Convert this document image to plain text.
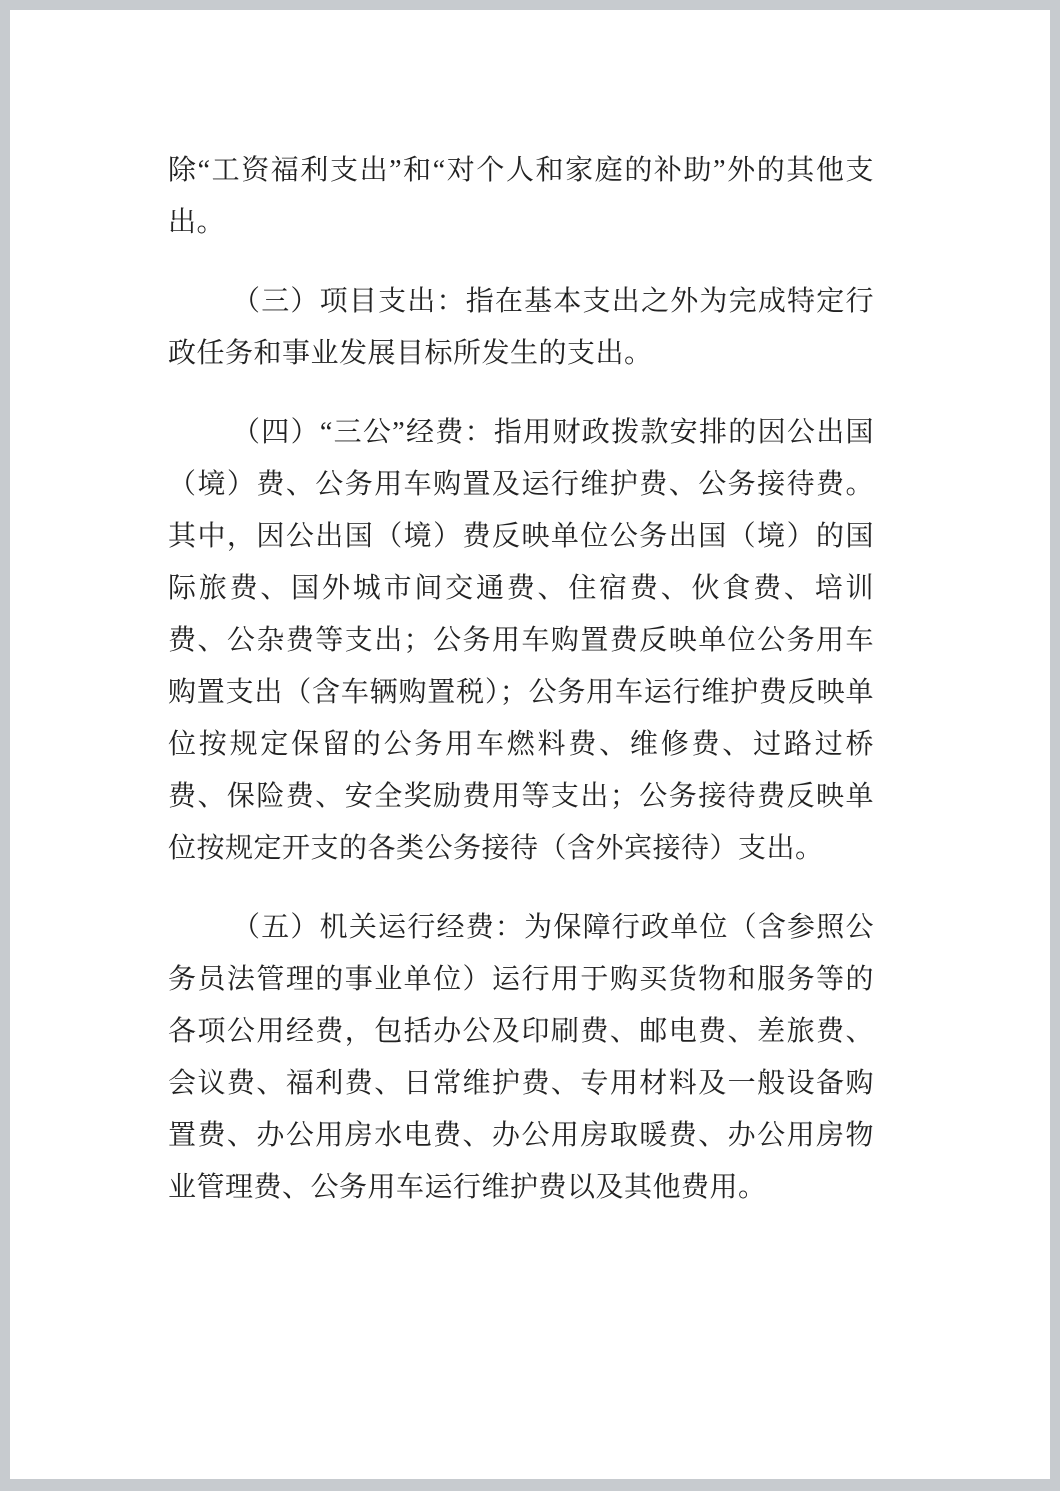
除“工资福利支出”和“对个人和家庭的补助”外的其他支出。

（三）项目支出：指在基本支出之外为完成特定行政任务和事业发展目标所发生的支出。

（四）“三公”经费：指用财政拨款安排的因公出国（境）费、公务用车购置及运行维护费、公务接待费。其中，因公出国（境）费反映单位公务出国（境）的国际旅费、国外城市间交通费、住宿费、伙食费、培训费、公杂费等支出；公务用车购置费反映单位公务用车购置支出（含车辆购置税）；公务用车运行维护费反映单位按规定保留的公务用车燃料费、维修费、过路过桥费、保险费、安全奖励费用等支出；公务接待费反映单位按规定开支的各类公务接待（含外宾接待）支出。

（五）机关运行经费：为保障行政单位（含参照公务员法管理的事业单位）运行用于购买货物和服务等的各项公用经费，包括办公及印刷费、邮电费、差旅费、会议费、福利费、日常维护费、专用材料及一般设备购置费、办公用房水电费、办公用房取暖费、办公用房物业管理费、公务用车运行维护费以及其他费用。
